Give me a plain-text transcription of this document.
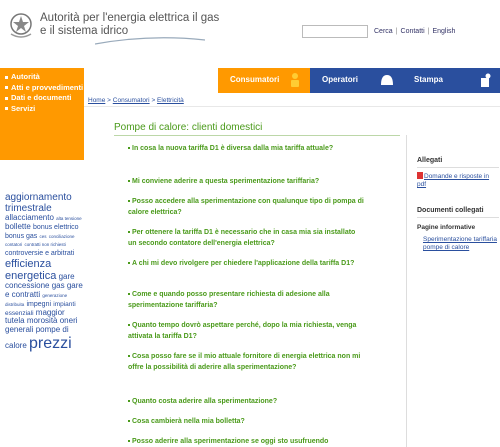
Autorità per l'energia elettrica il gas
e il sistema idrico	Cerca | Contatti | English
Autorità
Atti e provvedimenti
Dati e documenti
Servizi
Consumatori	Operatori	Stampa
Home > Consumatori > Elettricità
aggiornamento trimestrale allacciamento alta tensione bollette bonus elettrico bonus gas ces conciliazione contatori contratti non richiesti controversie e arbitrati efficienza energetica gare concessione gas gare e contratti generazione distribuita impegni impianti essenziali maggior tutela morosità oneri generali pompe di calore prezzi
Pompe di calore: clienti domestici
In cosa la nuova tariffa D1 è diversa dalla mia tariffa attuale?
Mi conviene aderire a questa sperimentazione tariffaria?
Posso accedere alla sperimentazione con qualunque tipo di pompa di calore elettrica?
Per ottenere la tariffa D1 è necessario che in casa mia sia installato un secondo contatore dell'energia elettrica?
A chi mi devo rivolgere per chiedere l'applicazione della tariffa D1?
Come e quando posso presentare richiesta di adesione alla sperimentazione tariffaria?
Quanto tempo dovrò aspettare perché, dopo la mia richiesta, venga attivata la tariffa D1?
Cosa posso fare se il mio attuale fornitore di energia elettrica non mi offre la possibilità di aderire alla sperimentazione?
Quanto costa aderire alla sperimentazione?
Cosa cambierà nella mia bolletta?
Posso aderire alla sperimentazione se oggi sto usufruendo
Allegati
Domande e risposte in pdf
Documenti collegati
Pagine informative
Sperimentazione tariffaria pompe di calore
